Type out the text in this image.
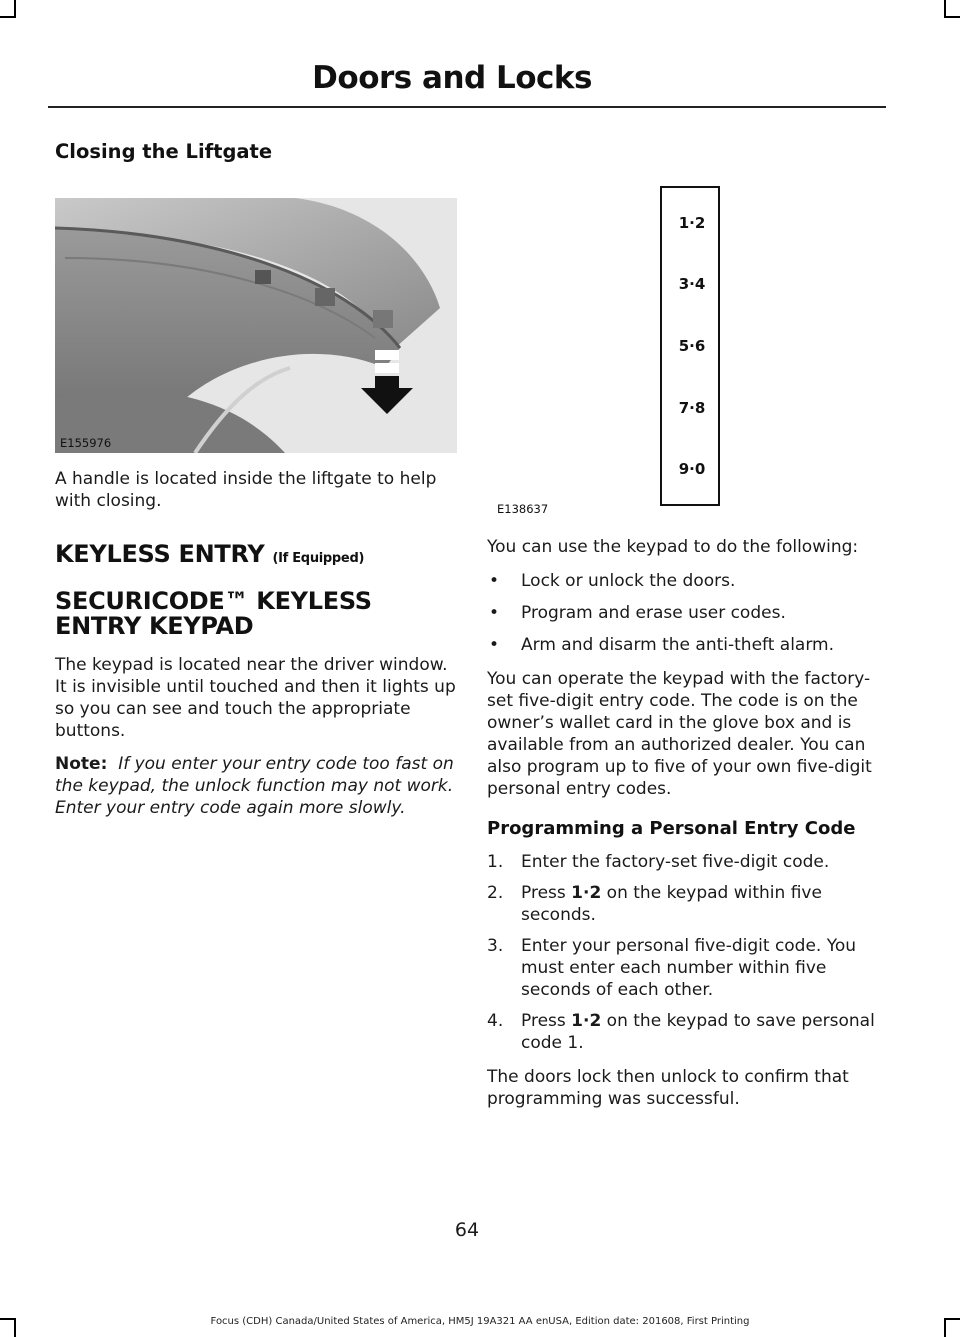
Doors and Locks
Closing the Liftgate
E155976

A handle is located inside the liftgate to help with closing.

KEYLESS ENTRY (If Equipped)
SECURICODE™ KEYLESS ENTRY KEYPAD

The keypad is located near the driver window. It is invisible until touched and then it lights up so you can see and touch the appropriate buttons.

Note: If you enter your entry code too fast on the keypad, the unlock function may not work. Enter your entry code again more slowly.

1·2
3·4
5·6
7·8
9·0
E138637

You can use the keypad to do the following:

• Lock or unlock the doors.
• Program and erase user codes.
• Arm and disarm the anti-theft alarm.

You can operate the keypad with the factory-set five-digit entry code. The code is on the owner’s wallet card in the glove box and is available from an authorized dealer. You can also program up to five of your own five-digit personal entry codes.

Programming a Personal Entry Code
1. Enter the factory-set five-digit code.
2. Press 1·2 on the keypad within five seconds.
3. Enter your personal five-digit code. You must enter each number within five seconds of each other.
4. Press 1·2 on the keypad to save personal code 1.

The doors lock then unlock to confirm that programming was successful.

64
Focus (CDH) Canada/United States of America, HM5J 19A321 AA enUSA, Edition date: 201608, First Printing
